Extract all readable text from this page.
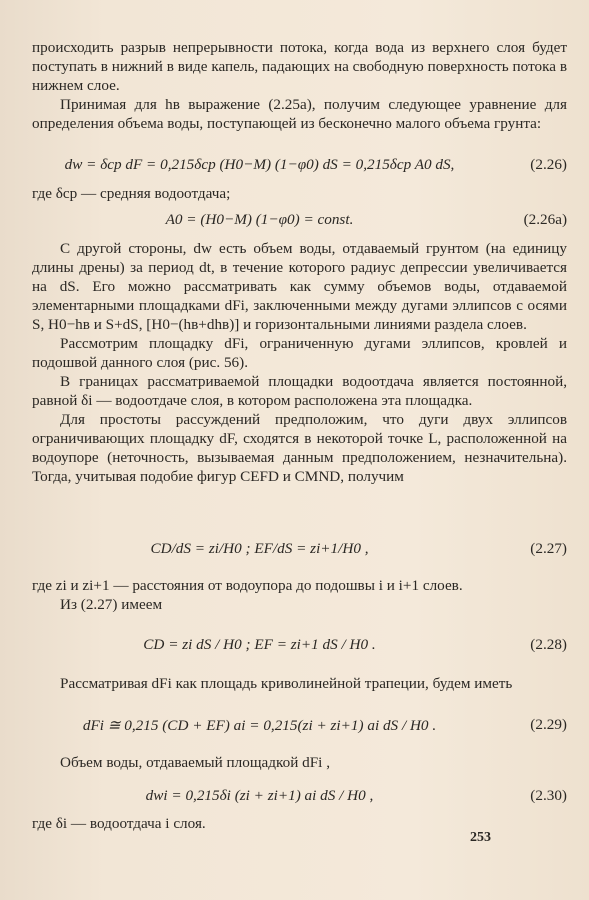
происходить разрыв непрерывности потока, когда вода из верхнего слоя будет поступать в нижний в виде капель, падающих на свободную поверхность потока в нижнем слое.

Принимая для hв выражение (2.25а), получим следующее уравнение для определения объема воды, поступающей из бесконечно малого объема грунта:

dw = δcp dF = 0,215δcp (H0−M) (1−φ0) dS = 0,215δcp A0 dS,	(2.26)

где δcp — средняя водоотдача;

A0 = (H0−M) (1−φ0) = const.	(2.26а)

С другой стороны, dw есть объем воды, отдаваемый грунтом (на единицу длины дрены) за период dt, в течение которого радиус депрессии увеличивается на dS. Его можно рассматривать как сумму объемов воды, отдаваемой элементарными площадками dFi, заключенными между дугами эллипсов с осями S, H0−hв и S+dS, [H0−(hв+dhв)] и горизонтальными линиями раздела слоев.

Рассмотрим площадку dFi, ограниченную дугами эллипсов, кровлей и подошвой данного слоя (рис. 56).

В границах рассматриваемой площадки водоотдача является постоянной, равной δi — водоотдаче слоя, в котором расположена эта площадка.

Для простоты рассуждений предположим, что дуги двух эллипсов ограничивающих площадку dF, сходятся в некоторой точке L, расположенной на водоупоре (неточность, вызываемая данным предположением, незначительна). Тогда, учитывая подобие фигур CEFD и CMND, получим

CD/dS = zi/H0 ; EF/dS = zi+1/H0 ,	(2.27)

где zi и zi+1 — расстояния от водоупора до подошвы i и i+1 слоев.

Из (2.27) имеем

CD = zi dS / H0 ; EF = zi+1 dS / H0 .	(2.28)

Рассматривая dFi как площадь криволинейной трапеции, будем иметь

dFi ≅ 0,215 (CD + EF) ai = 0,215(zi + zi+1) ai dS / H0 .	(2.29)

Объем воды, отдаваемый площадкой dFi ,

dwi = 0,215δi (zi + zi+1) ai dS / H0 ,	(2.30)

где δi — водоотдача i слоя.

253
